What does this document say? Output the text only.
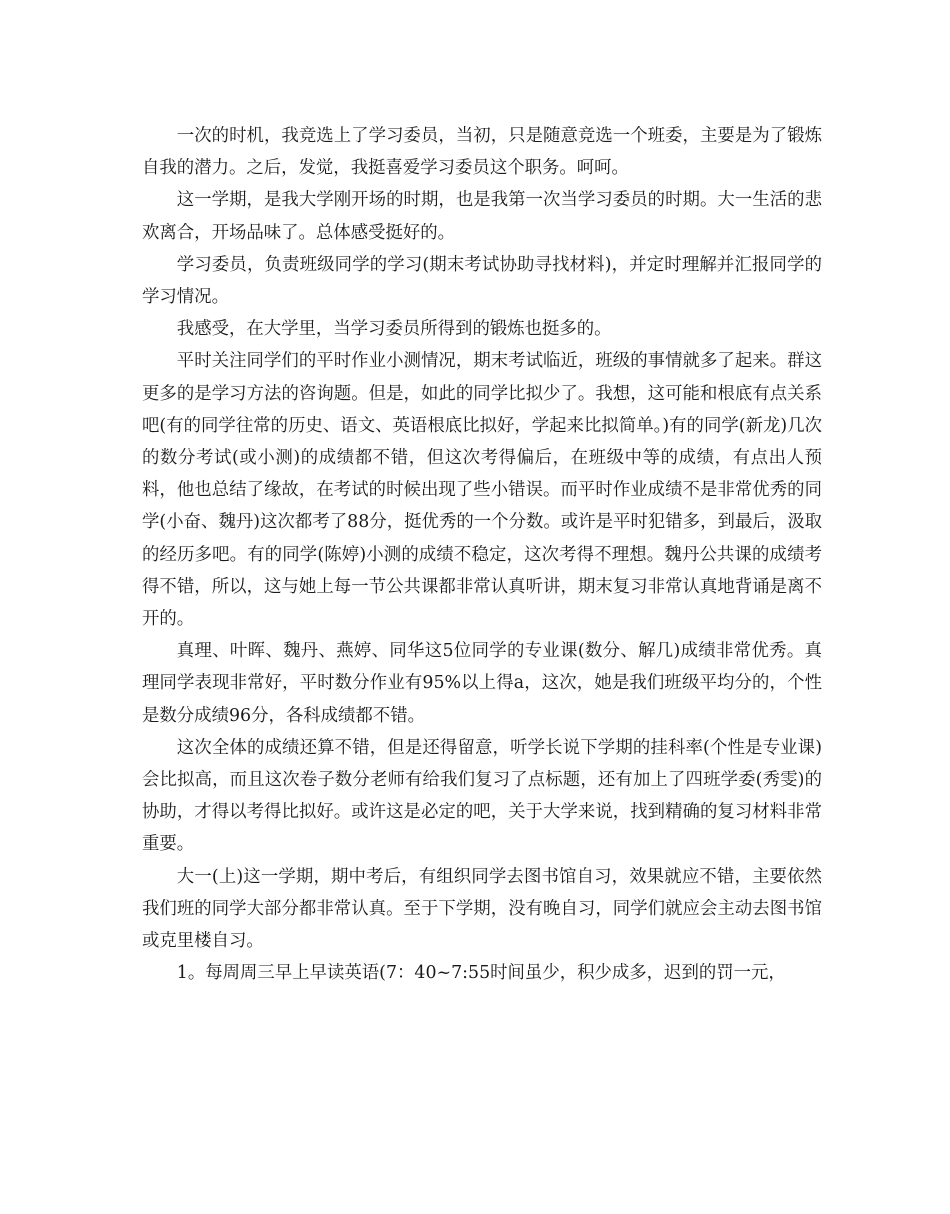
一次的时机，我竞选上了学习委员，当初，只是随意竞选一个班委，主要是为了锻炼自我的潜力。之后，发觉，我挺喜爱学习委员这个职务。呵呵。

这一学期，是我大学刚开场的时期，也是我第一次当学习委员的时期。大一生活的悲欢离合，开场品味了。总体感受挺好的。

学习委员，负责班级同学的学习(期末考试协助寻找材料)，并定时理解并汇报同学的学习情况。

我感受，在大学里，当学习委员所得到的锻炼也挺多的。

平时关注同学们的平时作业小测情况，期末考试临近，班级的事情就多了起来。群这更多的是学习方法的咨询题。但是，如此的同学比拟少了。我想，这可能和根底有点关系吧(有的同学往常的历史、语文、英语根底比拟好，学起来比拟简单。)有的同学(新龙)几次的数分考试(或小测)的成绩都不错，但这次考得偏后，在班级中等的成绩，有点出人预料，他也总结了缘故，在考试的时候出现了些小错误。而平时作业成绩不是非常优秀的同学(小奋、魏丹)这次都考了88分，挺优秀的一个分数。或许是平时犯错多，到最后，汲取的经历多吧。有的同学(陈婷)小测的成绩不稳定，这次考得不理想。魏丹公共课的成绩考得不错，所以，这与她上每一节公共课都非常认真听讲，期末复习非常认真地背诵是离不开的。

真理、叶晖、魏丹、燕婷、同华这5位同学的专业课(数分、解几)成绩非常优秀。真理同学表现非常好，平时数分作业有95%以上得a，这次，她是我们班级平均分的，个性是数分成绩96分，各科成绩都不错。

这次全体的成绩还算不错，但是还得留意，听学长说下学期的挂科率(个性是专业课)会比拟高，而且这次卷子数分老师有给我们复习了点标题，还有加上了四班学委(秀雯)的协助，才得以考得比拟好。或许这是必定的吧，关于大学来说，找到精确的复习材料非常重要。

大一(上)这一学期，期中考后，有组织同学去图书馆自习，效果就应不错，主要依然我们班的同学大部分都非常认真。至于下学期，没有晚自习，同学们就应会主动去图书馆或克里楼自习。

1。每周周三早上早读英语(7：40~7:55时间虽少，积少成多，迟到的罚一元，
